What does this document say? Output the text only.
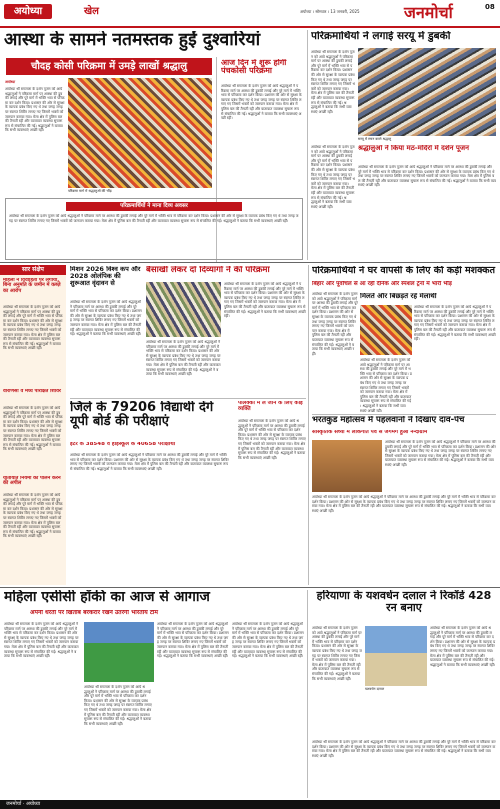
अयोध्या	खेल	अयोध्या । सोमवार । 13 जनवरी, 2025	जनमोर्चा	08
आस्था के सामने नतमस्तक हुईं दुश्वारियां
चौदह कोसी परिक्रमा में उमड़े लाखों श्रद्धालु
अयोध्या
अयोध्या श्री रामलला के दर्शन पूजन को आये श्रद्धालुओं ने परिक्रमा मार्ग पर आस्था की डुबकी लगाई और पूरे मार्ग में भक्ति भाव से परिक्रमा कर दर्शन किया। प्रशासन की ओर से सुरक्षा के व्यापक प्रबंध किए गए थे तथा जगह जगह पर स्वागत शिविर लगाए गए जिसमें भक्तों को जलपान कराया गया। मेला क्षेत्र में पुलिस बल की तैनाती रही और यातायात व्यवस्था सुचारू रूप से संचालित की गई। श्रद्धालुओं ने बताया कि सभी व्यवस्थाएं अच्छी रहीं।
परिक्रमा मार्ग में श्रद्धालुओं की भीड़
आज दिन में शुरू होगी पंचकोसी परिक्रमा
अयोध्या श्री रामलला के दर्शन पूजन को आये श्रद्धालुओं ने परिक्रमा मार्ग पर आस्था की डुबकी लगाई और पूरे मार्ग में भक्ति भाव से परिक्रमा कर दर्शन किया। प्रशासन की ओर से सुरक्षा के व्यापक प्रबंध किए गए थे तथा जगह जगह पर स्वागत शिविर लगाए गए जिसमें भक्तों को जलपान कराया गया। मेला क्षेत्र में पुलिस बल की तैनाती रही और यातायात व्यवस्था सुचारू रूप से संचालित की गई। श्रद्धालुओं ने बताया कि सभी व्यवस्थाएं अच्छी रहीं।
परिक्रमार्थियों ने माना दिव्य अवसर
अयोध्या श्री रामलला के दर्शन पूजन को आये श्रद्धालुओं ने परिक्रमा मार्ग पर आस्था की डुबकी लगाई और पूरे मार्ग में भक्ति भाव से परिक्रमा कर दर्शन किया। प्रशासन की ओर से सुरक्षा के व्यापक प्रबंध किए गए थे तथा जगह जगह पर स्वागत शिविर लगाए गए जिसमें भक्तों को जलपान कराया गया। मेला क्षेत्र में पुलिस बल की तैनाती रही और यातायात व्यवस्था सुचारू रूप से संचालित की गई। श्रद्धालुओं ने बताया कि सभी व्यवस्थाएं अच्छी रहीं।
परिक्रमार्थियों ने लगाई सरयू में डुबकी
अयोध्या श्री रामलला के दर्शन पूजन को आये श्रद्धालुओं ने परिक्रमा मार्ग पर आस्था की डुबकी लगाई और पूरे मार्ग में भक्ति भाव से परिक्रमा कर दर्शन किया। प्रशासन की ओर से सुरक्षा के व्यापक प्रबंध किए गए थे तथा जगह जगह पर स्वागत शिविर लगाए गए जिसमें भक्तों को जलपान कराया गया। मेला क्षेत्र में पुलिस बल की तैनाती रही और यातायात व्यवस्था सुचारू रूप से संचालित की गई। श्रद्धालुओं ने बताया कि सभी व्यवस्थाएं अच्छी रहीं।
सरयू में स्नान करते श्रद्धालु
अयोध्या श्री रामलला के दर्शन पूजन को आये श्रद्धालुओं ने परिक्रमा मार्ग पर आस्था की डुबकी लगाई और पूरे मार्ग में भक्ति भाव से परिक्रमा कर दर्शन किया। प्रशासन की ओर से सुरक्षा के व्यापक प्रबंध किए गए थे तथा जगह जगह पर स्वागत शिविर लगाए गए जिसमें भक्तों को जलपान कराया गया। मेला क्षेत्र में पुलिस बल की तैनाती रही और यातायात व्यवस्था सुचारू रूप से संचालित की गई। श्रद्धालुओं ने बताया कि सभी व्यवस्थाएं अच्छी रहीं।
श्रद्धालुओं ने किया मठ-मंदिरों में दर्शन पूजन
अयोध्या श्री रामलला के दर्शन पूजन को आये श्रद्धालुओं ने परिक्रमा मार्ग पर आस्था की डुबकी लगाई और पूरे मार्ग में भक्ति भाव से परिक्रमा कर दर्शन किया। प्रशासन की ओर से सुरक्षा के व्यापक प्रबंध किए गए थे तथा जगह जगह पर स्वागत शिविर लगाए गए जिसमें भक्तों को जलपान कराया गया। मेला क्षेत्र में पुलिस बल की तैनाती रही और यातायात व्यवस्था सुचारू रूप से संचालित की गई। श्रद्धालुओं ने बताया कि सभी व्यवस्थाएं अच्छी रहीं।
सार संक्षेप
महिला ने विवाहिता पर लगाया, बिना अनुमति के जमीन में कब्ज़े का आरोप
अयोध्या श्री रामलला के दर्शन पूजन को आये श्रद्धालुओं ने परिक्रमा मार्ग पर आस्था की डुबकी लगाई और पूरे मार्ग में भक्ति भाव से परिक्रमा कर दर्शन किया। प्रशासन की ओर से सुरक्षा के व्यापक प्रबंध किए गए थे तथा जगह जगह पर स्वागत शिविर लगाए गए जिसमें भक्तों को जलपान कराया गया। मेला क्षेत्र में पुलिस बल की तैनाती रही और यातायात व्यवस्था सुचारू रूप से संचालित की गई। श्रद्धालुओं ने बताया कि सभी व्यवस्थाएं अच्छी रहीं।
वाराणसी व मध्य परिक्षित शिविर
अयोध्या श्री रामलला के दर्शन पूजन को आये श्रद्धालुओं ने परिक्रमा मार्ग पर आस्था की डुबकी लगाई और पूरे मार्ग में भक्ति भाव से परिक्रमा कर दर्शन किया। प्रशासन की ओर से सुरक्षा के व्यापक प्रबंध किए गए थे तथा जगह जगह पर स्वागत शिविर लगाए गए जिसमें भक्तों को जलपान कराया गया। मेला क्षेत्र में पुलिस बल की तैनाती रही और यातायात व्यवस्था सुचारू रूप से संचालित की गई। श्रद्धालुओं ने बताया कि सभी व्यवस्थाएं अच्छी रहीं।
यातायात नियमों का पालन करने की अपील
अयोध्या श्री रामलला के दर्शन पूजन को आये श्रद्धालुओं ने परिक्रमा मार्ग पर आस्था की डुबकी लगाई और पूरे मार्ग में भक्ति भाव से परिक्रमा कर दर्शन किया। प्रशासन की ओर से सुरक्षा के व्यापक प्रबंध किए गए थे तथा जगह जगह पर स्वागत शिविर लगाए गए जिसमें भक्तों को जलपान कराया गया। मेला क्षेत्र में पुलिस बल की तैनाती रही और यातायात व्यवस्था सुचारू रूप से संचालित की गई। श्रद्धालुओं ने बताया कि सभी व्यवस्थाएं अच्छी रहीं।
मिशन 2026 विश्व कप और 2028 ओलंपिक की शुरूआत वृंदावन से
अयोध्या श्री रामलला के दर्शन पूजन को आये श्रद्धालुओं ने परिक्रमा मार्ग पर आस्था की डुबकी लगाई और पूरे मार्ग में भक्ति भाव से परिक्रमा कर दर्शन किया। प्रशासन की ओर से सुरक्षा के व्यापक प्रबंध किए गए थे तथा जगह जगह पर स्वागत शिविर लगाए गए जिसमें भक्तों को जलपान कराया गया। मेला क्षेत्र में पुलिस बल की तैनाती रही और यातायात व्यवस्था सुचारू रूप से संचालित की गई। श्रद्धालुओं ने बताया कि सभी व्यवस्थाएं अच्छी रहीं।
बैसाखी लेकर दो दिव्यांगों ने की परिक्रमा
अयोध्या श्री रामलला के दर्शन पूजन को आये श्रद्धालुओं ने परिक्रमा मार्ग पर आस्था की डुबकी लगाई और पूरे मार्ग में भक्ति भाव से परिक्रमा कर दर्शन किया। प्रशासन की ओर से सुरक्षा के व्यापक प्रबंध किए गए थे तथा जगह जगह पर स्वागत शिविर लगाए गए जिसमें भक्तों को जलपान कराया गया। मेला क्षेत्र में पुलिस बल की तैनाती रही और यातायात व्यवस्था सुचारू रूप से संचालित की गई। श्रद्धालुओं ने बताया कि सभी व्यवस्थाएं अच्छी रहीं।
अयोध्या श्री रामलला के दर्शन पूजन को आये श्रद्धालुओं ने परिक्रमा मार्ग पर आस्था की डुबकी लगाई और पूरे मार्ग में भक्ति भाव से परिक्रमा कर दर्शन किया। प्रशासन की ओर से सुरक्षा के व्यापक प्रबंध किए गए थे तथा जगह जगह पर स्वागत शिविर लगाए गए जिसमें भक्तों को जलपान कराया गया। मेला क्षेत्र में पुलिस बल की तैनाती रही और यातायात व्यवस्था सुचारू रूप से संचालित की गई। श्रद्धालुओं ने बताया कि सभी व्यवस्थाएं अच्छी रहीं।
जिले के 79206 विद्यार्थी देंगे यूपी बोर्ड की परीक्षाएं
इंटर के 38548 व हाईस्कूल के 40658 परीक्षार्थी
अयोध्या श्री रामलला के दर्शन पूजन को आये श्रद्धालुओं ने परिक्रमा मार्ग पर आस्था की डुबकी लगाई और पूरे मार्ग में भक्ति भाव से परिक्रमा कर दर्शन किया। प्रशासन की ओर से सुरक्षा के व्यापक प्रबंध किए गए थे तथा जगह जगह पर स्वागत शिविर लगाए गए जिसमें भक्तों को जलपान कराया गया। मेला क्षेत्र में पुलिस बल की तैनाती रही और यातायात व्यवस्था सुचारू रूप से संचालित की गई। श्रद्धालुओं ने बताया कि सभी व्यवस्थाएं अच्छी रहीं।
पालक्की में ले जाने के लिए कोई व्यक्ति
अयोध्या श्री रामलला के दर्शन पूजन को आये श्रद्धालुओं ने परिक्रमा मार्ग पर आस्था की डुबकी लगाई और पूरे मार्ग में भक्ति भाव से परिक्रमा कर दर्शन किया। प्रशासन की ओर से सुरक्षा के व्यापक प्रबंध किए गए थे तथा जगह जगह पर स्वागत शिविर लगाए गए जिसमें भक्तों को जलपान कराया गया। मेला क्षेत्र में पुलिस बल की तैनाती रही और यातायात व्यवस्था सुचारू रूप से संचालित की गई। श्रद्धालुओं ने बताया कि सभी व्यवस्थाएं अच्छी रहीं।
परिक्रमार्थियों ने घर वापसी के लिए की कड़ी मशक्कत
बिहार और पूर्वांचल से आ रही दैनिक और स्पेशल ट्रेनों में भारी भीड़
मिलते और बिछड़ते रहे मेलार्थी
अयोध्या श्री रामलला के दर्शन पूजन को आये श्रद्धालुओं ने परिक्रमा मार्ग पर आस्था की डुबकी लगाई और पूरे मार्ग में भक्ति भाव से परिक्रमा कर दर्शन किया। प्रशासन की ओर से सुरक्षा के व्यापक प्रबंध किए गए थे तथा जगह जगह पर स्वागत शिविर लगाए गए जिसमें भक्तों को जलपान कराया गया। मेला क्षेत्र में पुलिस बल की तैनाती रही और यातायात व्यवस्था सुचारू रूप से संचालित की गई। श्रद्धालुओं ने बताया कि सभी व्यवस्थाएं अच्छी रहीं।
अयोध्या श्री रामलला के दर्शन पूजन को आये श्रद्धालुओं ने परिक्रमा मार्ग पर आस्था की डुबकी लगाई और पूरे मार्ग में भक्ति भाव से परिक्रमा कर दर्शन किया। प्रशासन की ओर से सुरक्षा के व्यापक प्रबंध किए गए थे तथा जगह जगह पर स्वागत शिविर लगाए गए जिसमें भक्तों को जलपान कराया गया। मेला क्षेत्र में पुलिस बल की तैनाती रही और यातायात व्यवस्था सुचारू रूप से संचालित की गई। श्रद्धालुओं ने बताया कि सभी व्यवस्थाएं अच्छी रहीं।
अयोध्या श्री रामलला के दर्शन पूजन को आये श्रद्धालुओं ने परिक्रमा मार्ग पर आस्था की डुबकी लगाई और पूरे मार्ग में भक्ति भाव से परिक्रमा कर दर्शन किया। प्रशासन की ओर से सुरक्षा के व्यापक प्रबंध किए गए थे तथा जगह जगह पर स्वागत शिविर लगाए गए जिसमें भक्तों को जलपान कराया गया। मेला क्षेत्र में पुलिस बल की तैनाती रही और यातायात व्यवस्था सुचारू रूप से संचालित की गई। श्रद्धालुओं ने बताया कि सभी व्यवस्थाएं अच्छी रहीं।
भरतकुंड महोत्सव में पहलवानों ने दिखाए दांव-पेंच
सांस्कृतिक संध्या में लोकगीत पर्व से जगमग हुआ नन्दीग्राम
अयोध्या श्री रामलला के दर्शन पूजन को आये श्रद्धालुओं ने परिक्रमा मार्ग पर आस्था की डुबकी लगाई और पूरे मार्ग में भक्ति भाव से परिक्रमा कर दर्शन किया। प्रशासन की ओर से सुरक्षा के व्यापक प्रबंध किए गए थे तथा जगह जगह पर स्वागत शिविर लगाए गए जिसमें भक्तों को जलपान कराया गया। मेला क्षेत्र में पुलिस बल की तैनाती रही और यातायात व्यवस्था सुचारू रूप से संचालित की गई। श्रद्धालुओं ने बताया कि सभी व्यवस्थाएं अच्छी रहीं।
अयोध्या श्री रामलला के दर्शन पूजन को आये श्रद्धालुओं ने परिक्रमा मार्ग पर आस्था की डुबकी लगाई और पूरे मार्ग में भक्ति भाव से परिक्रमा कर दर्शन किया। प्रशासन की ओर से सुरक्षा के व्यापक प्रबंध किए गए थे तथा जगह जगह पर स्वागत शिविर लगाए गए जिसमें भक्तों को जलपान कराया गया। मेला क्षेत्र में पुलिस बल की तैनाती रही और यातायात व्यवस्था सुचारू रूप से संचालित की गई। श्रद्धालुओं ने बताया कि सभी व्यवस्थाएं अच्छी रहीं।
महिला एसीसी हॉकी का आज से आगाज
अपनी धरती पर खिताब बरकरार रखने उतरेगी भारतीय टीम
अयोध्या श्री रामलला के दर्शन पूजन को आये श्रद्धालुओं ने परिक्रमा मार्ग पर आस्था की डुबकी लगाई और पूरे मार्ग में भक्ति भाव से परिक्रमा कर दर्शन किया। प्रशासन की ओर से सुरक्षा के व्यापक प्रबंध किए गए थे तथा जगह जगह पर स्वागत शिविर लगाए गए जिसमें भक्तों को जलपान कराया गया। मेला क्षेत्र में पुलिस बल की तैनाती रही और यातायात व्यवस्था सुचारू रूप से संचालित की गई। श्रद्धालुओं ने बताया कि सभी व्यवस्थाएं अच्छी रहीं।
अयोध्या श्री रामलला के दर्शन पूजन को आये श्रद्धालुओं ने परिक्रमा मार्ग पर आस्था की डुबकी लगाई और पूरे मार्ग में भक्ति भाव से परिक्रमा कर दर्शन किया। प्रशासन की ओर से सुरक्षा के व्यापक प्रबंध किए गए थे तथा जगह जगह पर स्वागत शिविर लगाए गए जिसमें भक्तों को जलपान कराया गया। मेला क्षेत्र में पुलिस बल की तैनाती रही और यातायात व्यवस्था सुचारू रूप से संचालित की गई। श्रद्धालुओं ने बताया कि सभी व्यवस्थाएं अच्छी रहीं।
अयोध्या श्री रामलला के दर्शन पूजन को आये श्रद्धालुओं ने परिक्रमा मार्ग पर आस्था की डुबकी लगाई और पूरे मार्ग में भक्ति भाव से परिक्रमा कर दर्शन किया। प्रशासन की ओर से सुरक्षा के व्यापक प्रबंध किए गए थे तथा जगह जगह पर स्वागत शिविर लगाए गए जिसमें भक्तों को जलपान कराया गया। मेला क्षेत्र में पुलिस बल की तैनाती रही और यातायात व्यवस्था सुचारू रूप से संचालित की गई। श्रद्धालुओं ने बताया कि सभी व्यवस्थाएं अच्छी रहीं।
अयोध्या श्री रामलला के दर्शन पूजन को आये श्रद्धालुओं ने परिक्रमा मार्ग पर आस्था की डुबकी लगाई और पूरे मार्ग में भक्ति भाव से परिक्रमा कर दर्शन किया। प्रशासन की ओर से सुरक्षा के व्यापक प्रबंध किए गए थे तथा जगह जगह पर स्वागत शिविर लगाए गए जिसमें भक्तों को जलपान कराया गया। मेला क्षेत्र में पुलिस बल की तैनाती रही और यातायात व्यवस्था सुचारू रूप से संचालित की गई। श्रद्धालुओं ने बताया कि सभी व्यवस्थाएं अच्छी रहीं।
हरियाणा के यशवर्धन दलाल ने रिकॉर्ड 428 रन बनाए
अयोध्या श्री रामलला के दर्शन पूजन को आये श्रद्धालुओं ने परिक्रमा मार्ग पर आस्था की डुबकी लगाई और पूरे मार्ग में भक्ति भाव से परिक्रमा कर दर्शन किया। प्रशासन की ओर से सुरक्षा के व्यापक प्रबंध किए गए थे तथा जगह जगह पर स्वागत शिविर लगाए गए जिसमें भक्तों को जलपान कराया गया। मेला क्षेत्र में पुलिस बल की तैनाती रही और यातायात व्यवस्था सुचारू रूप से संचालित की गई। श्रद्धालुओं ने बताया कि सभी व्यवस्थाएं अच्छी रहीं।
यशवर्धन दलाल
अयोध्या श्री रामलला के दर्शन पूजन को आये श्रद्धालुओं ने परिक्रमा मार्ग पर आस्था की डुबकी लगाई और पूरे मार्ग में भक्ति भाव से परिक्रमा कर दर्शन किया। प्रशासन की ओर से सुरक्षा के व्यापक प्रबंध किए गए थे तथा जगह जगह पर स्वागत शिविर लगाए गए जिसमें भक्तों को जलपान कराया गया। मेला क्षेत्र में पुलिस बल की तैनाती रही और यातायात व्यवस्था सुचारू रूप से संचालित की गई। श्रद्धालुओं ने बताया कि सभी व्यवस्थाएं अच्छी रहीं।
अयोध्या श्री रामलला के दर्शन पूजन को आये श्रद्धालुओं ने परिक्रमा मार्ग पर आस्था की डुबकी लगाई और पूरे मार्ग में भक्ति भाव से परिक्रमा कर दर्शन किया। प्रशासन की ओर से सुरक्षा के व्यापक प्रबंध किए गए थे तथा जगह जगह पर स्वागत शिविर लगाए गए जिसमें भक्तों को जलपान कराया गया। मेला क्षेत्र में पुलिस बल की तैनाती रही और यातायात व्यवस्था सुचारू रूप से संचालित की गई। श्रद्धालुओं ने बताया कि सभी व्यवस्थाएं अच्छी रहीं।
जनमोर्चा · अयोध्या
